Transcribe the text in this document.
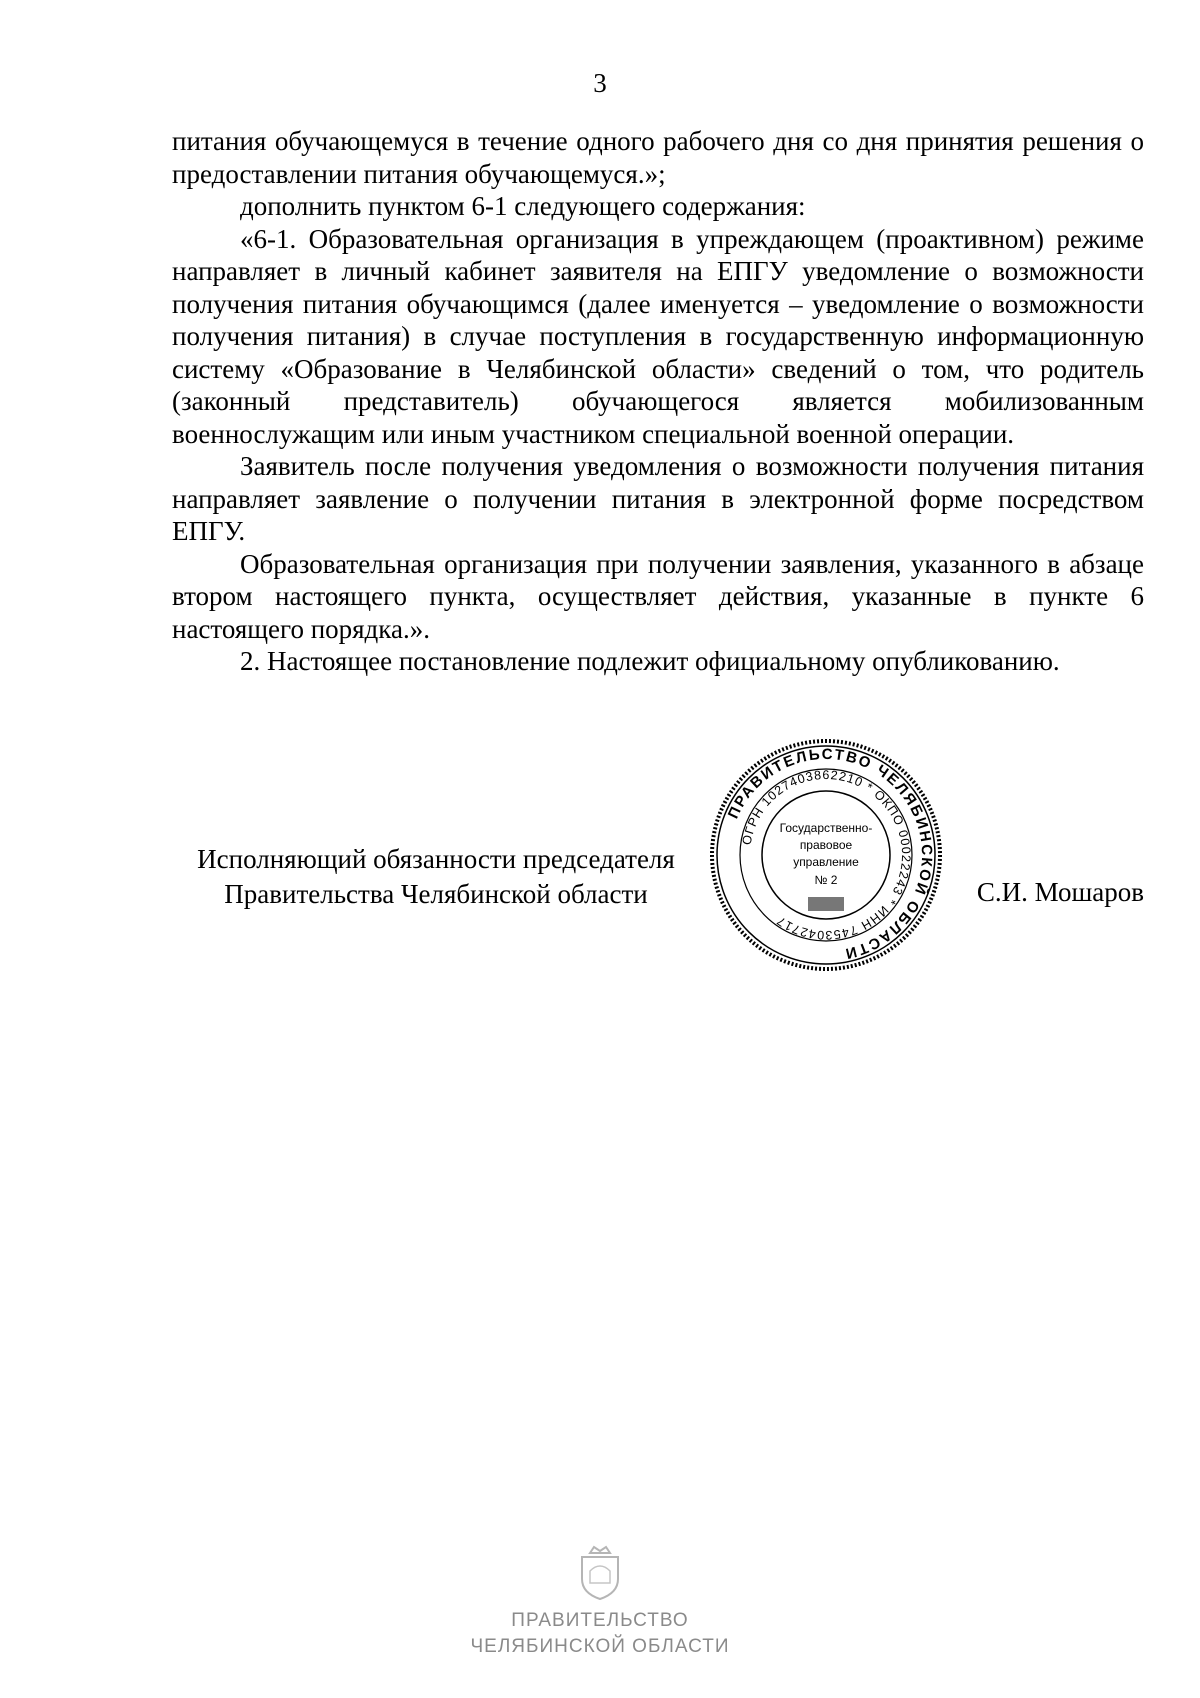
3

питания обучающемуся в течение одного рабочего дня со дня принятия решения о предоставлении питания обучающемуся.»;

дополнить пунктом 6-1 следующего содержания:

«6-1. Образовательная организация в упреждающем (проактивном) режиме направляет в личный кабинет заявителя на ЕПГУ уведомление о возможности получения питания обучающимся (далее именуется – уведомление о возможности получения питания) в случае поступления в государственную информационную систему «Образование в Челябинской области» сведений о том, что родитель (законный представитель) обучающегося является мобилизованным военнослужащим или иным участником специальной военной операции.

Заявитель после получения уведомления о возможности получения питания направляет заявление о получении питания в электронной форме посредством ЕПГУ.

Образовательная организация при получении заявления, указанного в абзаце втором настоящего пункта, осуществляет действия, указанные в пункте 6 настоящего порядка.».

2. Настоящее постановление подлежит официальному опубликованию.

Исполняющий обязанности председателя
Правительства Челябинской области
ПРАВИТЕЛЬСТВО ЧЕЛЯБИНСКОЙ ОБЛАСТИ
ОГРН 1027403862210 * ОКПО 00022243 * ИНН 7453042717
Государственно-
правовое
управление
№ 2	С.И. Мошаров
ПРАВИТЕЛЬСТВО
ЧЕЛЯБИНСКОЙ ОБЛАСТИ
